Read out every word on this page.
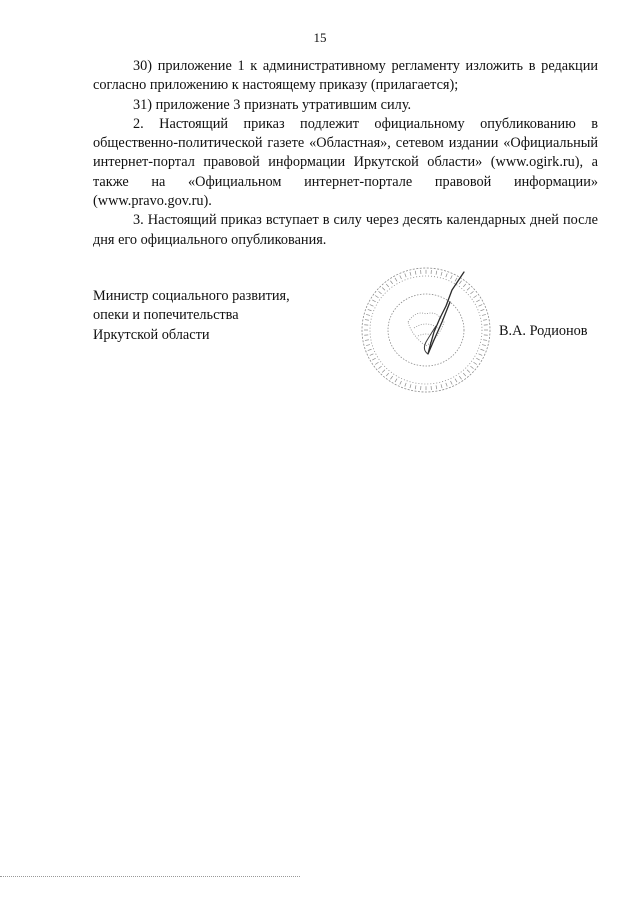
15

30) приложение 1 к административному регламенту изложить в редакции согласно приложению к настоящему приказу (прилагается);

31) приложение 3 признать утратившим силу.

2. Настоящий приказ подлежит официальному опубликованию в общественно-политической газете «Областная», сетевом издании «Официальный интернет-портал правовой информации Иркутской области» (www.ogirk.ru), а также на «Официальном интернет-портале правовой информации» (www.pravo.gov.ru).

3. Настоящий приказ вступает в силу через десять календарных дней после дня его официального опубликования.

Министр социального развития,
опеки и попечительства
Иркутской области	В.А. Родионов
